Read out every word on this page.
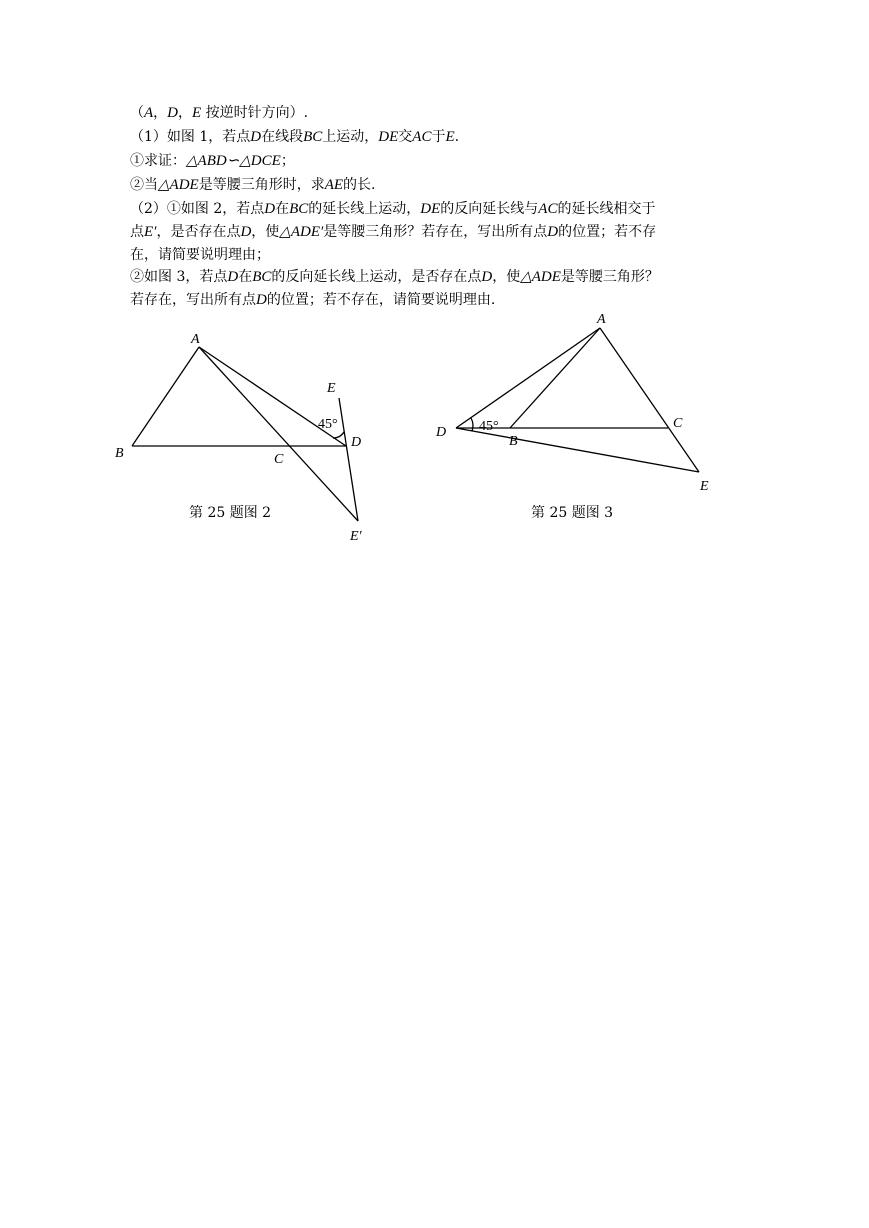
（A，D，E 按逆时针方向）.
（1）如图 1，若点D在线段BC上运动，DE交AC于E.
①求证：△ABD∽△DCE；
②当△ADE是等腰三角形时，求AE的长.
（2）①如图 2，若点D在BC的延长线上运动，DE的反向延长线与AC的延长线相交于
点E′，是否存在点D，使△ADE′是等腰三角形？若存在，写出所有点D的位置；若不存
在，请简要说明理由；
②如图 3，若点D在BC的反向延长线上运动，是否存在点D，使△ADE是等腰三角形？
若存在，写出所有点D的位置；若不存在，请简要说明理由.
A
B	C
D
E
E′
45°
第 25 题图 2
A
B
C
D
E
45°
第 25 题图 3
